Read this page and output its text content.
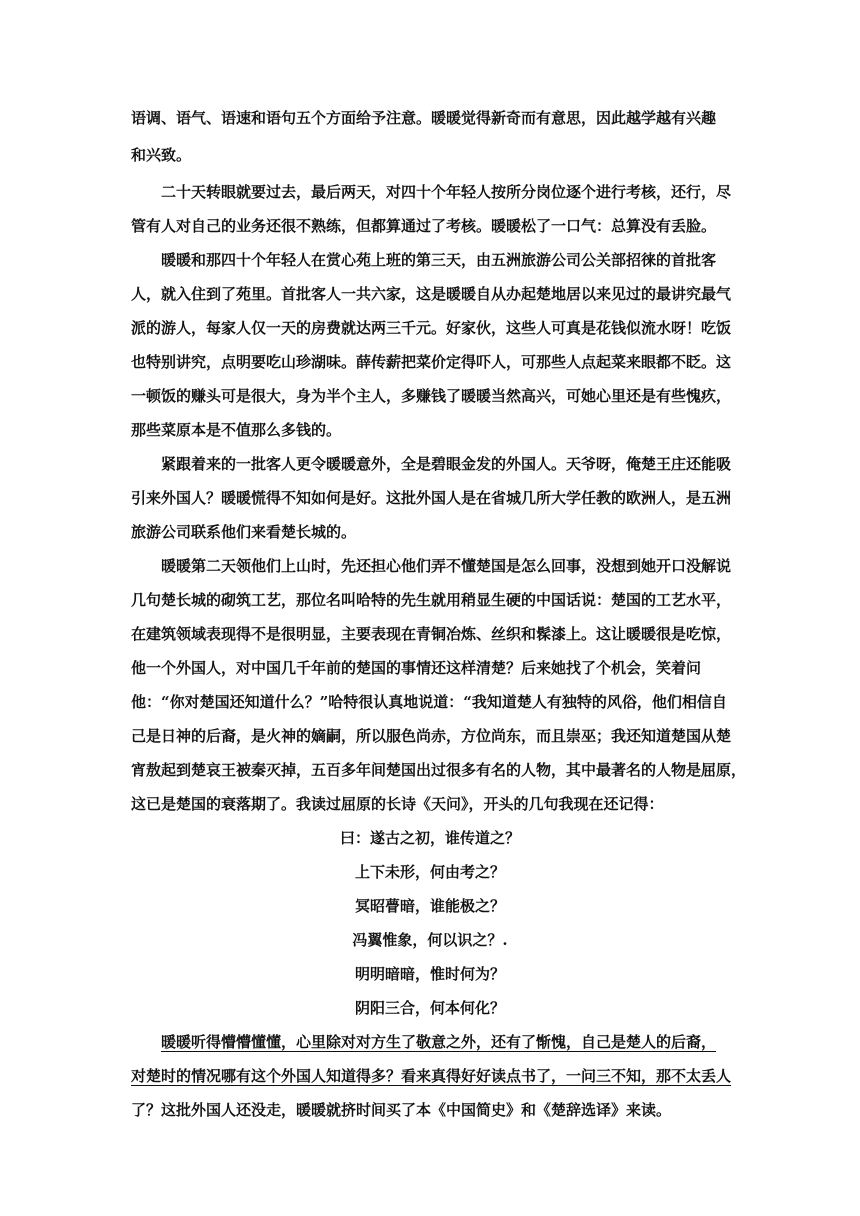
语调、语气、语速和语句五个方面给予注意。暖暖觉得新奇而有意思，因此越学越有兴趣
和兴致。
二十天转眼就要过去，最后两天，对四十个年轻人按所分岗位逐个进行考核，还行，尽
管有人对自己的业务还很不熟练，但都算通过了考核。暖暖松了一口气：总算没有丢脸。
暖暖和那四十个年轻人在赏心苑上班的第三天，由五洲旅游公司公关部招徕的首批客
人，就入住到了苑里。首批客人一共六家，这是暖暖自从办起楚地居以来见过的最讲究最气
派的游人，每家人仅一天的房费就达两三千元。好家伙，这些人可真是花钱似流水呀！吃饭
也特别讲究，点明要吃山珍湖味。薛传薪把菜价定得吓人，可那些人点起菜来眼都不眨。这
一顿饭的赚头可是很大，身为半个主人，多赚钱了暖暖当然高兴，可她心里还是有些愧疚，
那些菜原本是不值那么多钱的。
紧跟着来的一批客人更令暖暖意外，全是碧眼金发的外国人。天爷呀，俺楚王庄还能吸
引来外国人？暖暖慌得不知如何是好。这批外国人是在省城几所大学任教的欧洲人，是五洲
旅游公司联系他们来看楚长城的。
暖暖第二天领他们上山时，先还担心他们弄不懂楚国是怎么回事，没想到她开口没解说
几句楚长城的砌筑工艺，那位名叫哈特的先生就用稍显生硬的中国话说：楚国的工艺水平，
在建筑领域表现得不是很明显，主要表现在青铜冶炼、丝织和髹漆上。这让暖暖很是吃惊，
他一个外国人，对中国几千年前的楚国的事情还这样清楚？后来她找了个机会，笑着问
他：“你对楚国还知道什么？”哈特很认真地说道：“我知道楚人有独特的风俗，他们相信自
己是日神的后裔，是火神的嫡嗣，所以服色尚赤，方位尚东，而且崇巫；我还知道楚国从楚
宵敖起到楚哀王被秦灭掉，五百多年间楚国出过很多有名的人物，其中最著名的人物是屈原，
这已是楚国的衰落期了。我读过屈原的长诗《天问》，开头的几句我现在还记得：
曰：遂古之初，谁传道之？
上下未形，何由考之？
冥昭瞢暗，谁能极之？
冯翼惟象，何以识之？.
明明暗暗，惟时何为？
阴阳三合，何本何化？
暖暖听得懵懵懂懂，心里除对对方生了敬意之外，还有了惭愧，自己是楚人的后裔，
对楚时的情况哪有这个外国人知道得多？看来真得好好读点书了，一问三不知，那不太丢人
了？这批外国人还没走，暖暖就挤时间买了本《中国简史》和《楚辞选译》来读。
